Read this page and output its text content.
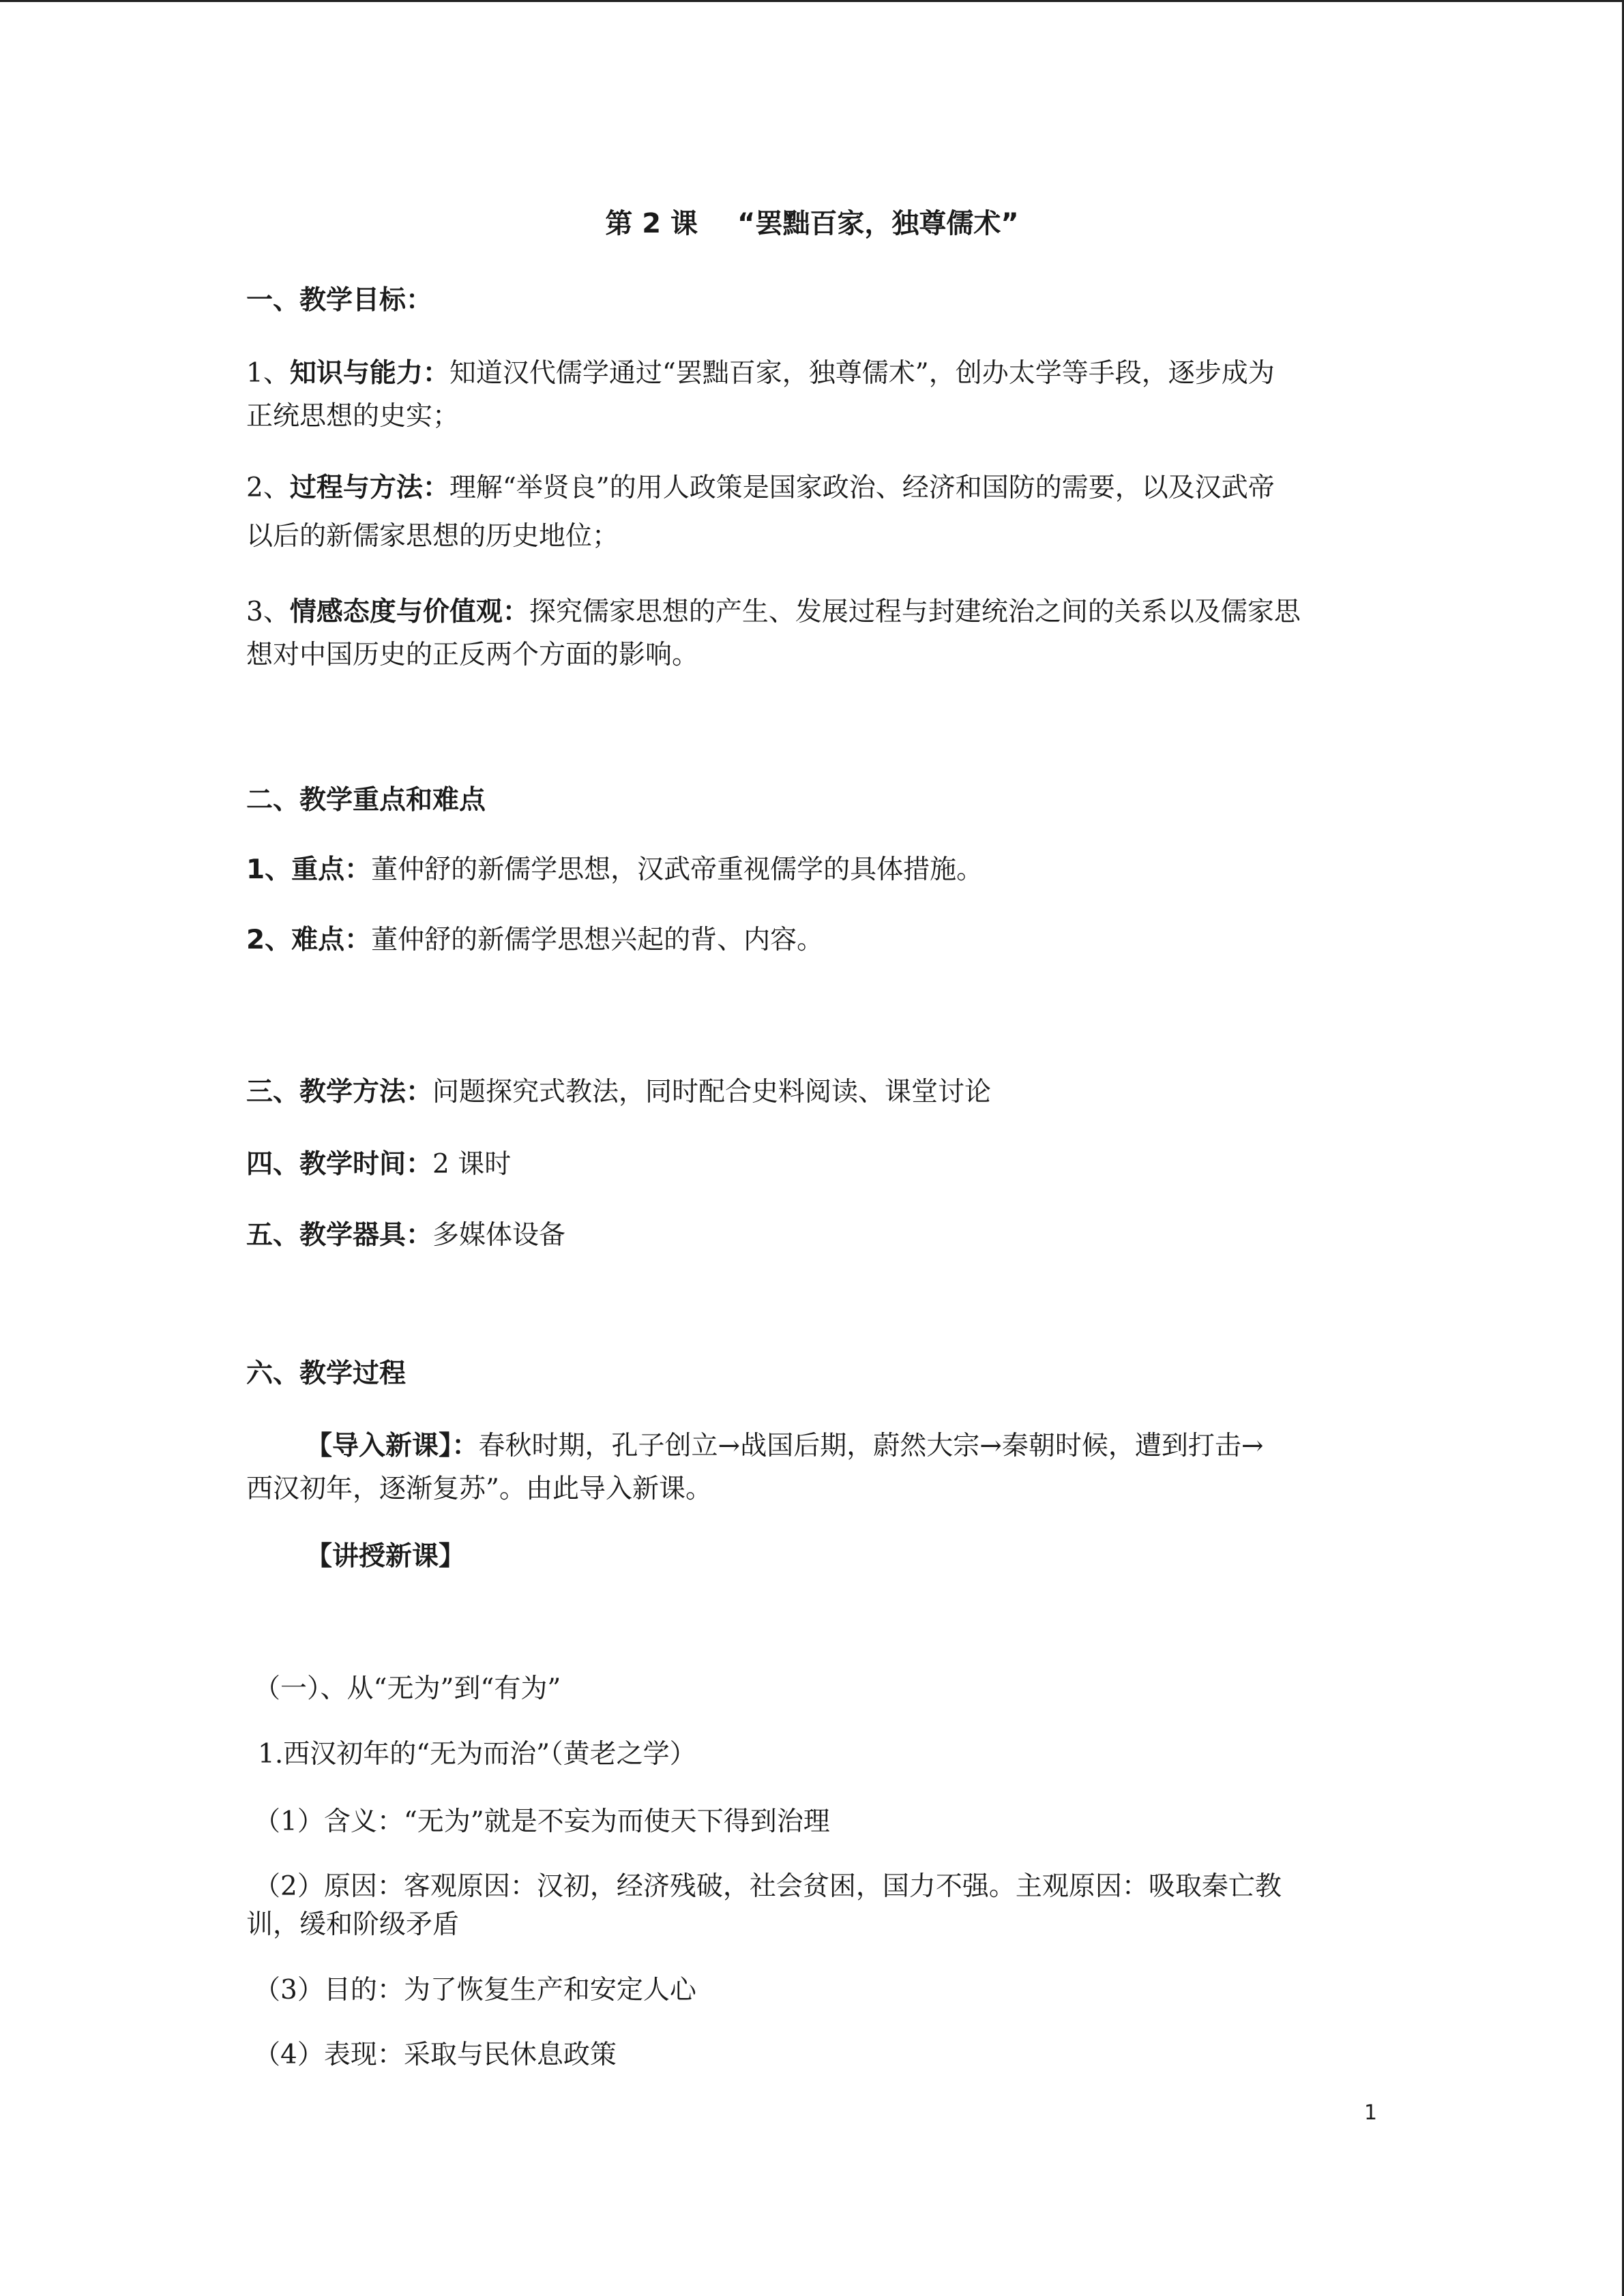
第 2 课 “罢黜百家，独尊儒术”
一、教学目标：
1、知识与能力：知道汉代儒学通过“罢黜百家，独尊儒术”，创办太学等手段，逐步成为
正统思想的史实；
2、过程与方法：理解“举贤良”的用人政策是国家政治、经济和国防的需要，以及汉武帝
以后的新儒家思想的历史地位；
3、情感态度与价值观：探究儒家思想的产生、发展过程与封建统治之间的关系以及儒家思
想对中国历史的正反两个方面的影响。
二、教学重点和难点
1、重点：董仲舒的新儒学思想，汉武帝重视儒学的具体措施。
2、难点：董仲舒的新儒学思想兴起的背、内容。
三、教学方法：问题探究式教法，同时配合史料阅读、课堂讨论
四、教学时间：2 课时
五、教学器具：多媒体设备
六、教学过程
【导入新课】：春秋时期，孔子创立→战国后期，蔚然大宗→秦朝时候，遭到打击→
西汉初年，逐渐复苏”。由此导入新课。
【讲授新课】
（一）、从“无为”到“有为”
1.西汉初年的“无为而治”（黄老之学）
（1）含义：“无为”就是不妄为而使天下得到治理
（2）原因：客观原因：汉初，经济残破，社会贫困，国力不强。主观原因：吸取秦亡教
训，缓和阶级矛盾
（3）目的：为了恢复生产和安定人心
（4）表现：采取与民休息政策
1
